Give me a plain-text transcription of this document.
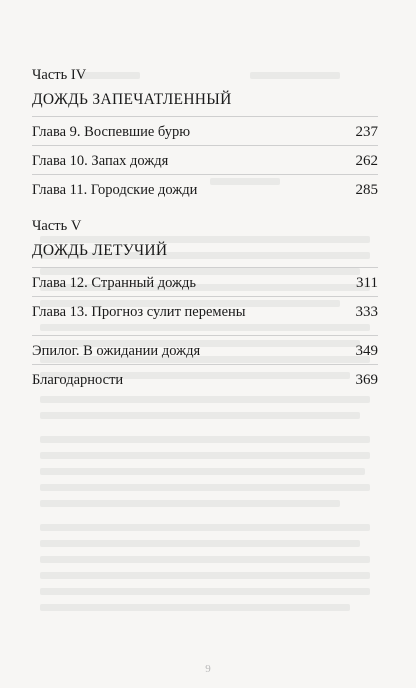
Часть IV
ДОЖДЬ ЗАПЕЧАТЛЕННЫЙ
Глава 9. Воспевшие бурю	237
Глава 10. Запах дождя	262
Глава 11. Городские дожди	285
Часть V
ДОЖДЬ ЛЕТУЧИЙ
Глава 12. Странный дождь	311
Глава 13. Прогноз сулит перемены	333
Эпилог. В ожидании дождя	349
Благодарности	369
9
